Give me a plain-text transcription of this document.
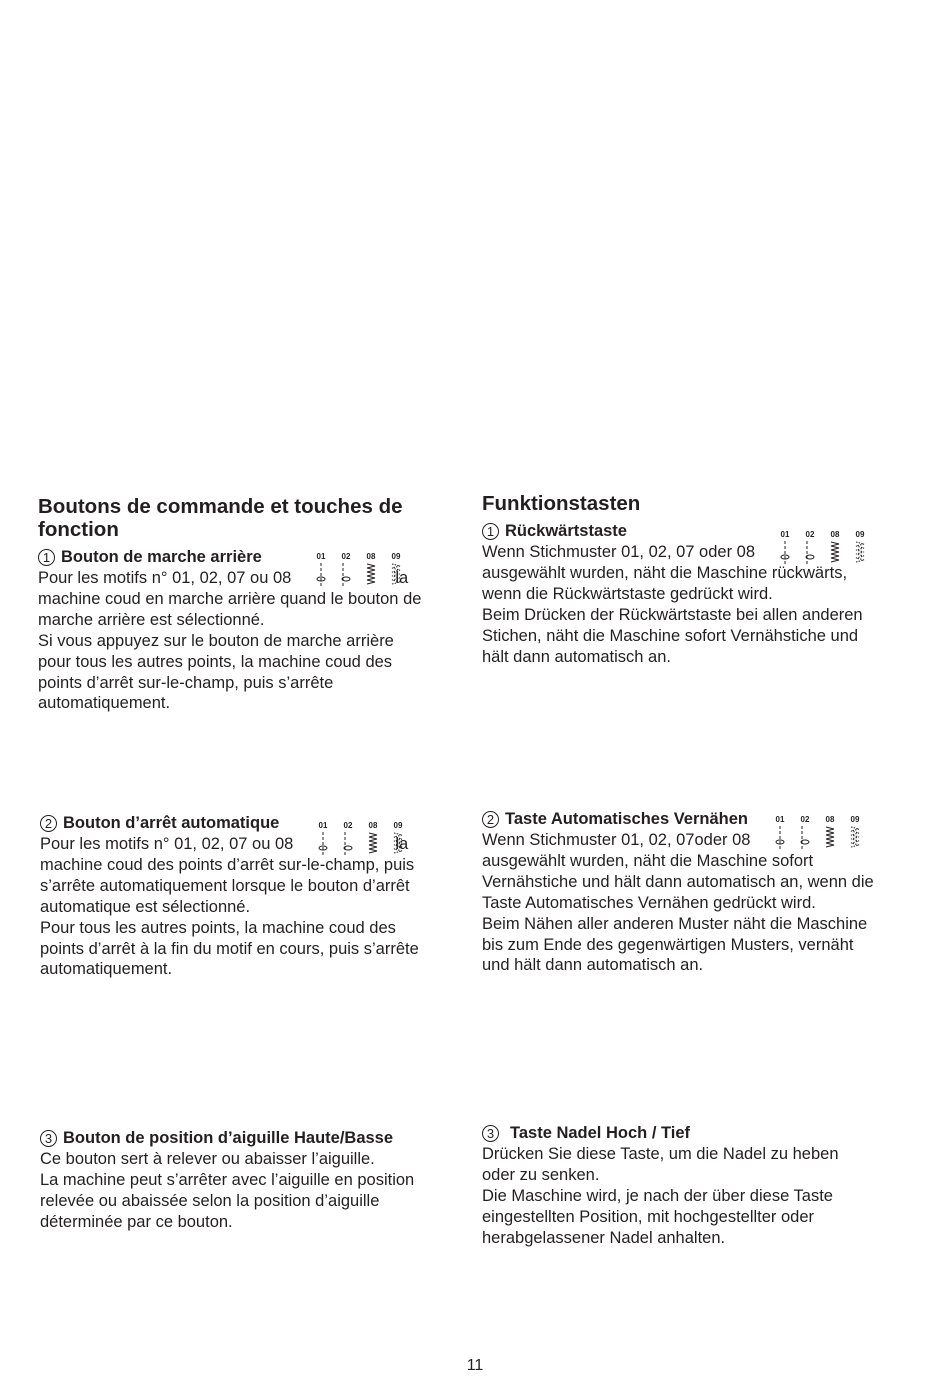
Boutons de commande et touches de
fonction
1 Bouton de marche arrière

Pour les motifs n° 01, 02, 07 ou 08	la

machine coud en marche arrière quand le bouton de

marche arrière est sélectionné.

Si vous appuyez sur le bouton de marche arrière

pour tous les autres points, la machine coud des

points d’arrêt sur-le-champ, puis s’arrête

automatiquement.

2 Bouton d’arrêt automatique

Pour les motifs n° 01, 02, 07 ou 08	la

machine coud des points d’arrêt sur-le-champ, puis

s’arrête automatiquement lorsque le bouton d’arrêt

automatique est sélectionné.

Pour tous les autres points, la machine coud des

points d’arrêt à la fin du motif en cours, puis s’arrête

automatiquement.

3 Bouton de position d’aiguille Haute/Basse

Ce bouton sert à relever ou abaisser l’aiguille.

La machine peut s’arrêter avec l’aiguille en position

relevée ou abaissée selon la position d’aiguille

déterminée par ce bouton.

Funktionstasten
1 Rückwärtstaste

Wenn Stichmuster 01, 02, 07 oder 08

ausgewählt wurden, näht die Maschine rückwärts,

wenn die Rückwärtstaste gedrückt wird.

Beim Drücken der Rückwärtstaste bei allen anderen

Stichen, näht die Maschine sofort Vernähstiche und

hält dann automatisch an.

2 Taste Automatisches Vernähen

Wenn Stichmuster 01, 02, 07oder 08

ausgewählt wurden, näht die Maschine sofort

Vernähstiche und hält dann automatisch an, wenn die

Taste Automatisches Vernähen gedrückt wird.

Beim Nähen aller anderen Muster näht die Maschine

bis zum Ende des gegenwärtigen Musters, vernäht

und hält dann automatisch an.

3 Taste Nadel Hoch / Tief

Drücken Sie diese Taste, um die Nadel zu heben

oder zu senken.

Die Maschine wird, je nach der über diese Taste

eingestellten Position, mit hochgestellter oder

herabgelassener Nadel anhalten.

01 02 08 09
01 02 08 09
01 02 08 09
01 02 08 09
11
